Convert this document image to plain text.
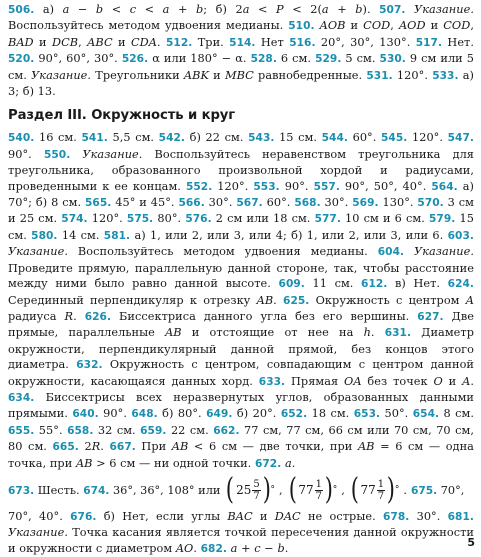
506. а) a − b < c < a + b; б) 2a < P < 2(a + b). 507. Указание. Воспользуйтесь методом удвоения медианы. 510. AOB и COD, AOD и COD, BAD и DCB, ABC и CDA. 512. Три. 514. Нет 516. 20°, 30°, 130°. 517. Нет. 520. 90°, 60°, 30°. 526. α или 180° − α. 528. 6 см. 529. 5 см. 530. 9 см или 5 см. Указание. Треугольники ABK и MBC равнобедренные. 531. 120°. 533. а) 3; б) 13.

Раздел III. Окружность и круг

540. 16 см. 541. 5,5 см. 542. б) 22 см. 543. 15 см. 544. 60°. 545. 120°. 547. 90°. 550. Указание. Воспользуйтесь неравенством треугольника для треугольника, образованного произвольной хордой и радиусами, проведенными к ее концам. 552. 120°. 553. 90°. 557. 90°, 50°, 40°. 564. а) 70°; б) 8 см. 565. 45° и 45°. 566. 30°. 567. 60°. 568. 30°. 569. 130°. 570. 3 см и 25 см. 574. 120°. 575. 80°. 576. 2 см или 18 см. 577. 10 см и 6 см. 579. 15 см. 580. 14 см. 581. а) 1, или 2, или 3, или 4; б) 1, или 2, или 3, или 6. 603. Указание. Воспользуйтесь методом удвоения медианы. 604. Указание. Проведите прямую, параллельную данной стороне, так, чтобы расстояние между ними было равно данной высоте. 609. 11 см. 612. в) Нет. 624. Серединный перпендикуляр к отрезку AB. 625. Окружность с центром A радиуса R. 626. Биссектриса данного угла без его вершины. 627. Две прямые, параллельные AB и отстоящие от нее на h. 631. Диаметр окружности, перпендикулярный данной прямой, без концов этого диаметра. 632. Окружность с центром, совпадающим с центром данной окружности, касающаяся данных хорд. 633. Прямая OA без точек O и A. 634. Биссектрисы всех неразвернутых углов, образованных данными прямыми. 640. 90°. 648. б) 80°. 649. б) 20°. 652. 18 см. 653. 50°. 654. 8 см. 655. 55°. 658. 32 см. 659. 22 см. 662. 77 см, 77 см, 66 см или 70 см, 70 см, 80 см. 665. 2R. 667. При AB < 6 см — две точки, при AB = 6 см — одна точка, при AB > 6 см — ни одной точки. 672. а.

673. Шесть. 674. 36°, 36°, 108° или ( $25 \frac{5}{7}$ ) ° , ( $77 \frac{1}{7}$ ) ° , ( $77 \frac{1}{7}$ ) ° . 675. 70°,

70°, 40°. 676. б) Нет, если углы BAC и DAC не острые. 678. 30°. 681. Указание. Точка касания является точкой пересечения данной окружности и окружности с диаметром AO. 682. a + c − b.	5
